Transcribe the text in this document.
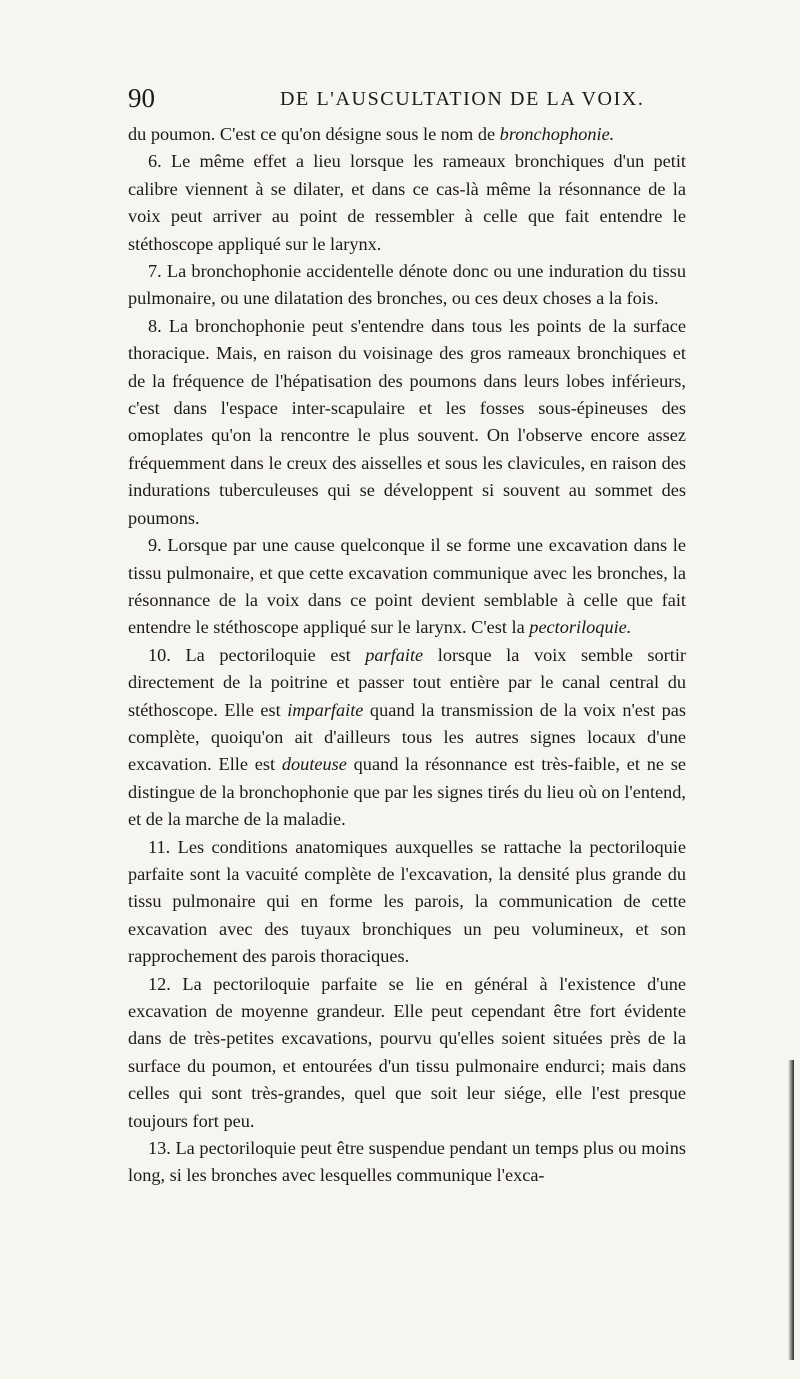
90	DE L'AUSCULTATION DE LA VOIX.

du poumon. C'est ce qu'on désigne sous le nom de bronchophonie.

6. Le même effet a lieu lorsque les rameaux bronchiques d'un petit calibre viennent à se dilater, et dans ce cas-là même la résonnance de la voix peut arriver au point de ressembler à celle que fait entendre le stéthoscope appliqué sur le larynx.

7. La bronchophonie accidentelle dénote donc ou une induration du tissu pulmonaire, ou une dilatation des bronches, ou ces deux choses a la fois.

8. La bronchophonie peut s'entendre dans tous les points de la surface thoracique. Mais, en raison du voisinage des gros rameaux bronchiques et de la fréquence de l'hépatisation des poumons dans leurs lobes inférieurs, c'est dans l'espace inter-scapulaire et les fosses sous-épineuses des omoplates qu'on la rencontre le plus souvent. On l'observe encore assez fréquemment dans le creux des aisselles et sous les clavicules, en raison des indurations tuberculeuses qui se développent si souvent au sommet des poumons.

9. Lorsque par une cause quelconque il se forme une excavation dans le tissu pulmonaire, et que cette excavation communique avec les bronches, la résonnance de la voix dans ce point devient semblable à celle que fait entendre le stéthoscope appliqué sur le larynx. C'est la pectoriloquie.

10. La pectoriloquie est parfaite lorsque la voix semble sortir directement de la poitrine et passer tout entière par le canal central du stéthoscope. Elle est imparfaite quand la transmission de la voix n'est pas complète, quoiqu'on ait d'ailleurs tous les autres signes locaux d'une excavation. Elle est douteuse quand la résonnance est très-faible, et ne se distingue de la bronchophonie que par les signes tirés du lieu où on l'entend, et de la marche de la maladie.

11. Les conditions anatomiques auxquelles se rattache la pectoriloquie parfaite sont la vacuité complète de l'excavation, la densité plus grande du tissu pulmonaire qui en forme les parois, la communication de cette excavation avec des tuyaux bronchiques un peu volumineux, et son rapprochement des parois thoraciques.

12. La pectoriloquie parfaite se lie en général à l'existence d'une excavation de moyenne grandeur. Elle peut cependant être fort évidente dans de très-petites excavations, pourvu qu'elles soient situées près de la surface du poumon, et entourées d'un tissu pulmonaire endurci; mais dans celles qui sont très-grandes, quel que soit leur siége, elle l'est presque toujours fort peu.

13. La pectoriloquie peut être suspendue pendant un temps plus ou moins long, si les bronches avec lesquelles communique l'exca-
